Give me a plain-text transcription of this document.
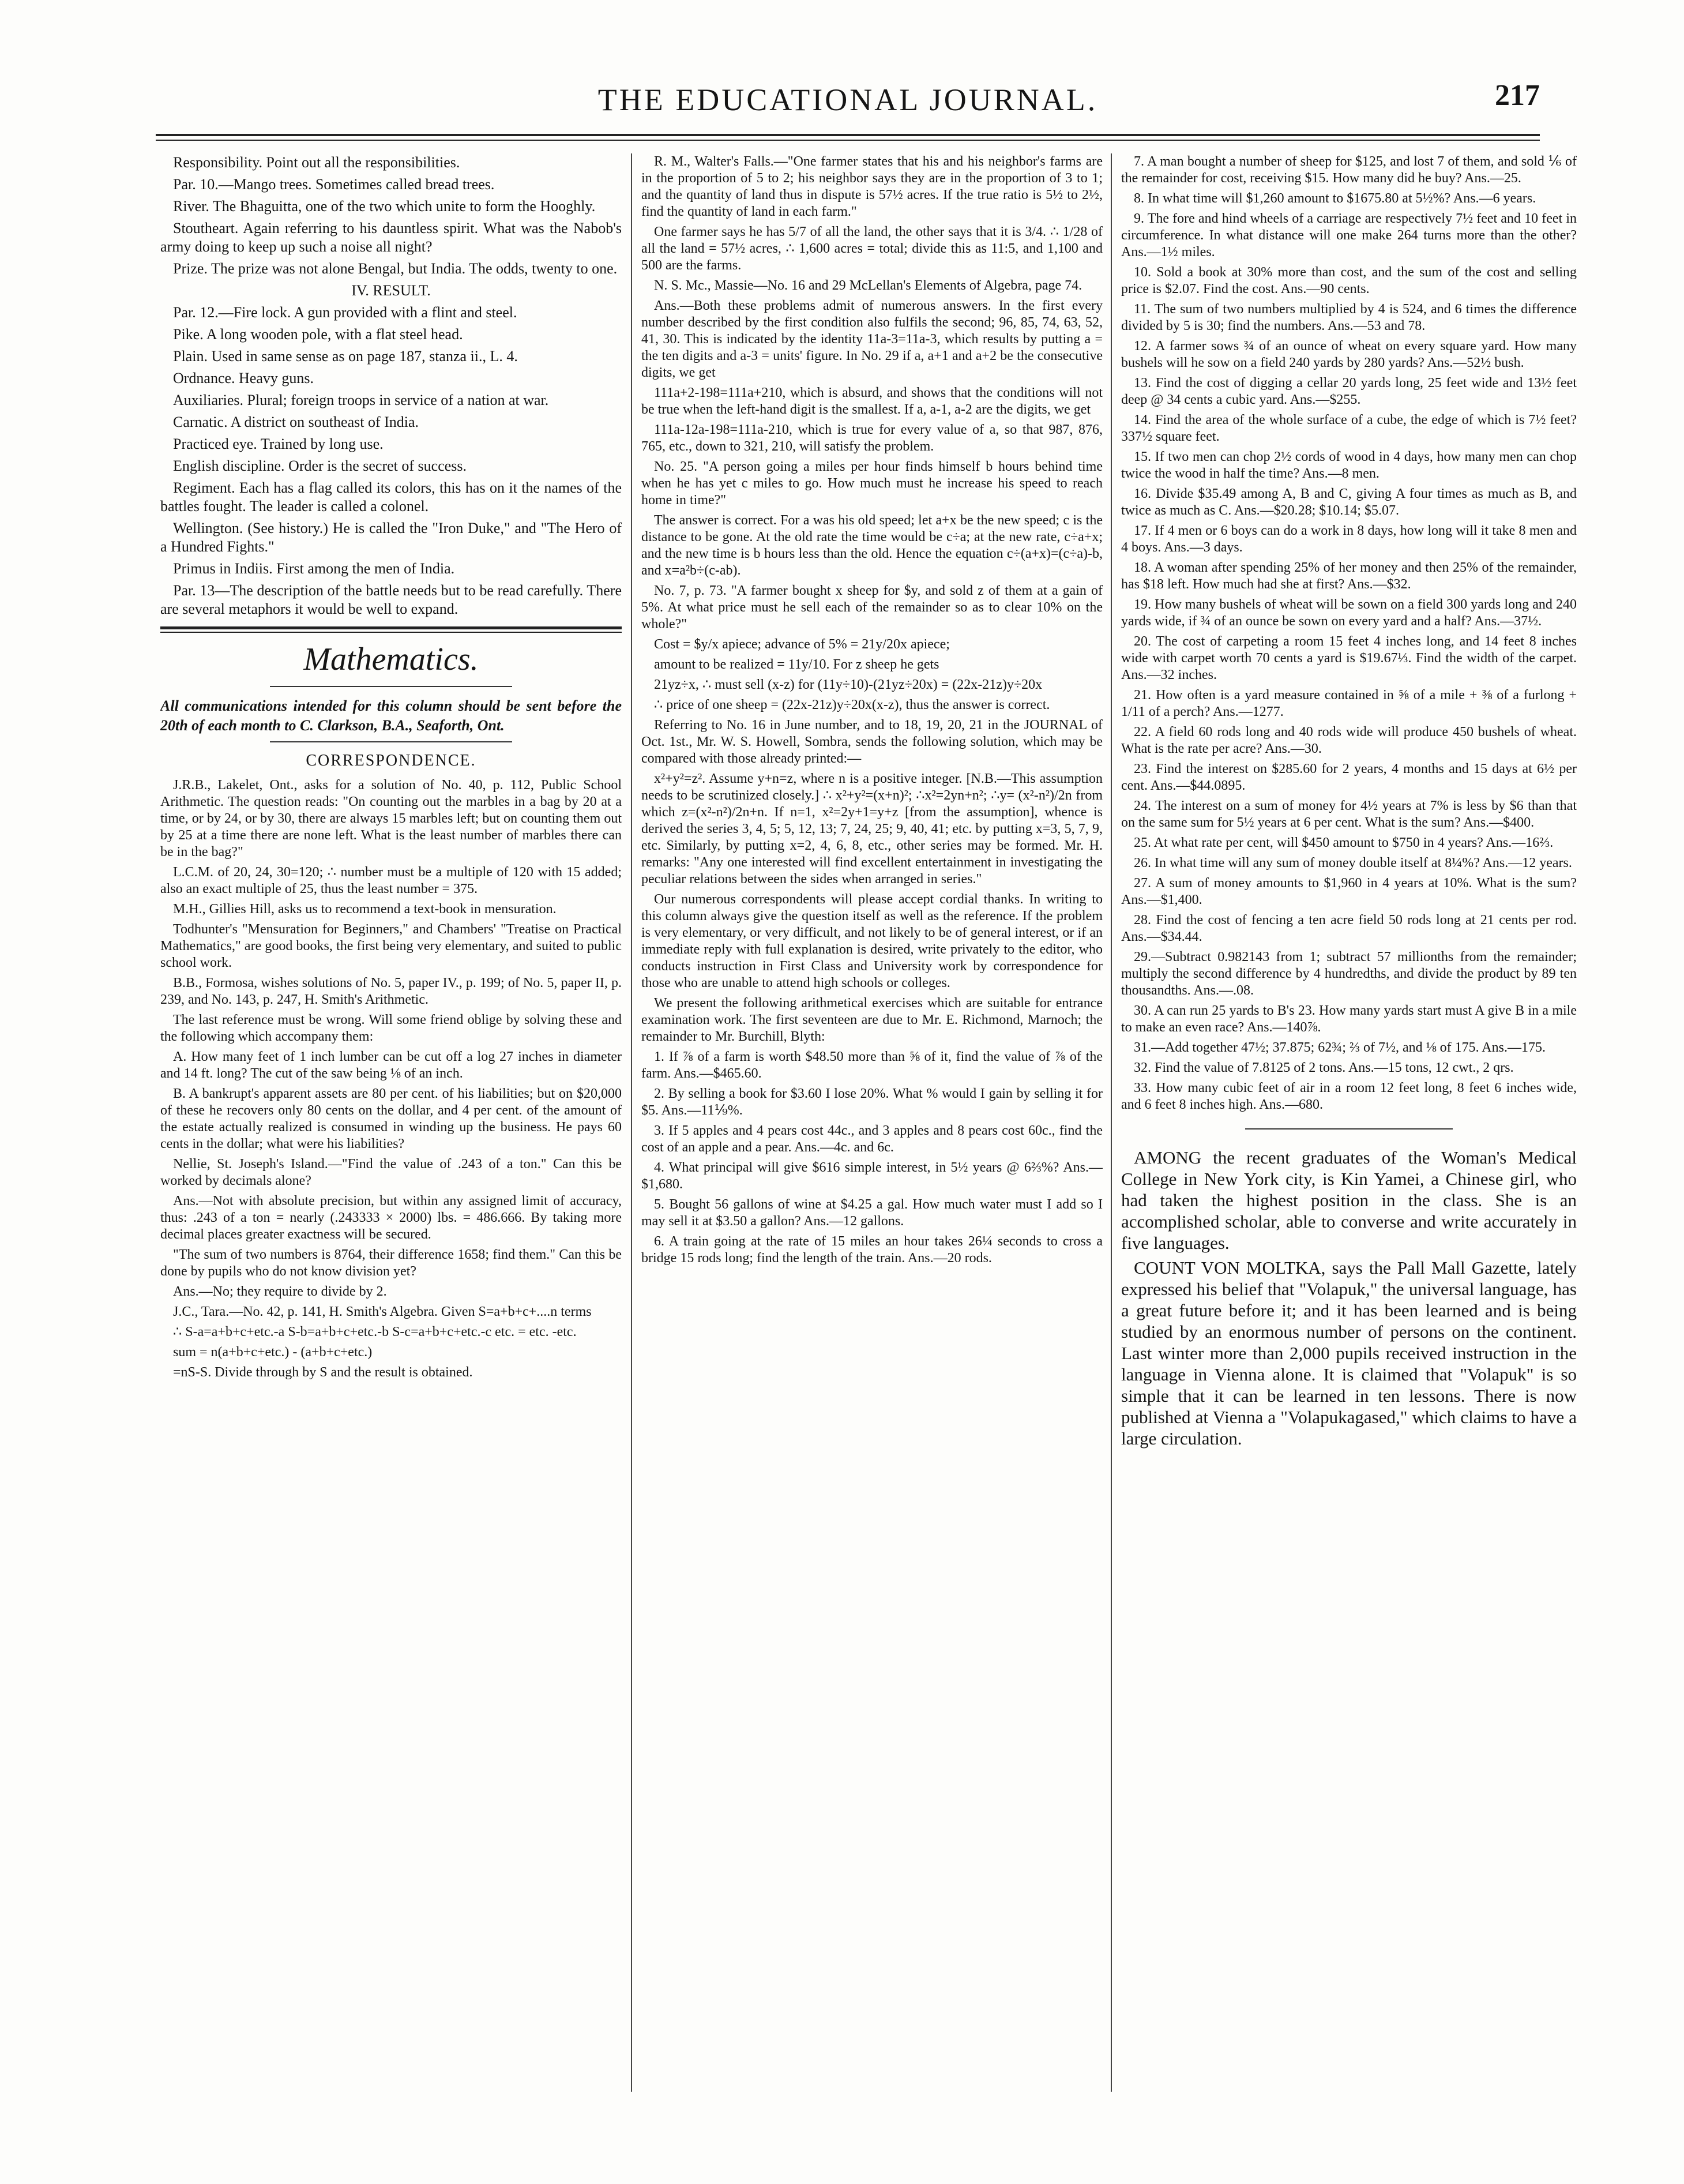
THE EDUCATIONAL JOURNAL.	217

Responsibility. Point out all the responsibilities.

Par. 10.—Mango trees. Sometimes called bread trees.

River. The Bhaguitta, one of the two which unite to form the Hooghly.

Stoutheart. Again referring to his dauntless spirit. What was the Nabob's army doing to keep up such a noise all night?

Prize. The prize was not alone Bengal, but India. The odds, twenty to one.

IV. RESULT.

Par. 12.—Fire lock. A gun provided with a flint and steel.

Pike. A long wooden pole, with a flat steel head.

Plain. Used in same sense as on page 187, stanza ii., L. 4.

Ordnance. Heavy guns.

Auxiliaries. Plural; foreign troops in service of a nation at war.

Carnatic. A district on southeast of India.

Practiced eye. Trained by long use.

English discipline. Order is the secret of success.

Regiment. Each has a flag called its colors, this has on it the names of the battles fought. The leader is called a colonel.

Wellington. (See history.) He is called the "Iron Duke," and "The Hero of a Hundred Fights."

Primus in Indiis. First among the men of India.

Par. 13—The description of the battle needs but to be read carefully. There are several metaphors it would be well to expand.

Mathematics.
All communications intended for this column should be sent before the 20th of each month to C. Clarkson, B.A., Seaforth, Ont.
CORRESPONDENCE.

J.R.B., Lakelet, Ont., asks for a solution of No. 40, p. 112, Public School Arithmetic. The question reads: "On counting out the marbles in a bag by 20 at a time, or by 24, or by 30, there are always 15 marbles left; but on counting them out by 25 at a time there are none left. What is the least number of marbles there can be in the bag?"

L.C.M. of 20, 24, 30=120; ∴ number must be a multiple of 120 with 15 added; also an exact multiple of 25, thus the least number = 375.

M.H., Gillies Hill, asks us to recommend a text-book in mensuration.

Todhunter's "Mensuration for Beginners," and Chambers' "Treatise on Practical Mathematics," are good books, the first being very elementary, and suited to public school work.

B.B., Formosa, wishes solutions of No. 5, paper IV., p. 199; of No. 5, paper II, p. 239, and No. 143, p. 247, H. Smith's Arithmetic.

The last reference must be wrong. Will some friend oblige by solving these and the following which accompany them:

A. How many feet of 1 inch lumber can be cut off a log 27 inches in diameter and 14 ft. long? The cut of the saw being ⅛ of an inch.

B. A bankrupt's apparent assets are 80 per cent. of his liabilities; but on $20,000 of these he recovers only 80 cents on the dollar, and 4 per cent. of the amount of the estate actually realized is consumed in winding up the business. He pays 60 cents in the dollar; what were his liabilities?

Nellie, St. Joseph's Island.—"Find the value of .243 of a ton." Can this be worked by decimals alone?

Ans.—Not with absolute precision, but within any assigned limit of accuracy, thus: .243 of a ton = nearly (.243333 × 2000) lbs. = 486.666. By taking more decimal places greater exactness will be secured.

"The sum of two numbers is 8764, their difference 1658; find them." Can this be done by pupils who do not know division yet?

Ans.—No; they require to divide by 2.

J.C., Tara.—No. 42, p. 141, H. Smith's Algebra. Given S=a+b+c+....n terms

∴ S-a=a+b+c+etc.-a S-b=a+b+c+etc.-b S-c=a+b+c+etc.-c etc. = etc. -etc.

sum = n(a+b+c+etc.) - (a+b+c+etc.)

=nS-S. Divide through by S and the result is obtained.

R. M., Walter's Falls.—"One farmer states that his and his neighbor's farms are in the proportion of 5 to 2; his neighbor says they are in the proportion of 3 to 1; and the quantity of land thus in dispute is 57½ acres. If the true ratio is 5½ to 2½, find the quantity of land in each farm."

One farmer says he has 5/7 of all the land, the other says that it is 3/4. ∴ 1/28 of all the land = 57½ acres, ∴ 1,600 acres = total; divide this as 11:5, and 1,100 and 500 are the farms.

N. S. Mc., Massie—No. 16 and 29 McLellan's Elements of Algebra, page 74.

Ans.—Both these problems admit of numerous answers. In the first every number described by the first condition also fulfils the second; 96, 85, 74, 63, 52, 41, 30. This is indicated by the identity 11a-3=11a-3, which results by putting a = the ten digits and a-3 = units' figure. In No. 29 if a, a+1 and a+2 be the consecutive digits, we get

111a+2-198=111a+210, which is absurd, and shows that the conditions will not be true when the left-hand digit is the smallest. If a, a-1, a-2 are the digits, we get

111a-12a-198=111a-210, which is true for every value of a, so that 987, 876, 765, etc., down to 321, 210, will satisfy the problem.

No. 25. "A person going a miles per hour finds himself b hours behind time when he has yet c miles to go. How much must he increase his speed to reach home in time?"

The answer is correct. For a was his old speed; let a+x be the new speed; c is the distance to be gone. At the old rate the time would be c÷a; at the new rate, c÷a+x; and the new time is b hours less than the old. Hence the equation c÷(a+x)=(c÷a)-b, and x=a²b÷(c-ab).

No. 7, p. 73. "A farmer bought x sheep for $y, and sold z of them at a gain of 5%. At what price must he sell each of the remainder so as to clear 10% on the whole?"

Cost = $y/x apiece; advance of 5% = 21y/20x apiece;

amount to be realized = 11y/10. For z sheep he gets

21yz÷x, ∴ must sell (x-z) for (11y÷10)-(21yz÷20x) = (22x-21z)y÷20x

∴ price of one sheep = (22x-21z)y÷20x(x-z), thus the answer is correct.

Referring to No. 16 in June number, and to 18, 19, 20, 21 in the JOURNAL of Oct. 1st., Mr. W. S. Howell, Sombra, sends the following solution, which may be compared with those already printed:—

x²+y²=z². Assume y+n=z, where n is a positive integer. [N.B.—This assumption needs to be scrutinized closely.] ∴ x²+y²=(x+n)²; ∴x²=2yn+n²; ∴y= (x²-n²)/2n from which z=(x²-n²)/2n+n. If n=1, x²=2y+1=y+z [from the assumption], whence is derived the series 3, 4, 5; 5, 12, 13; 7, 24, 25; 9, 40, 41; etc. by putting x=3, 5, 7, 9, etc. Similarly, by putting x=2, 4, 6, 8, etc., other series may be formed. Mr. H. remarks: "Any one interested will find excellent entertainment in investigating the peculiar relations between the sides when arranged in series."

Our numerous correspondents will please accept cordial thanks. In writing to this column always give the question itself as well as the reference. If the problem is very elementary, or very difficult, and not likely to be of general interest, or if an immediate reply with full explanation is desired, write privately to the editor, who conducts instruction in First Class and University work by correspondence for those who are unable to attend high schools or colleges.

We present the following arithmetical exercises which are suitable for entrance examination work. The first seventeen are due to Mr. E. Richmond, Marnoch; the remainder to Mr. Burchill, Blyth:

1. If ⅞ of a farm is worth $48.50 more than ⅝ of it, find the value of ⅞ of the farm. Ans.—$465.60.

2. By selling a book for $3.60 I lose 20%. What % would I gain by selling it for $5. Ans.—11⅑%.

3. If 5 apples and 4 pears cost 44c., and 3 apples and 8 pears cost 60c., find the cost of an apple and a pear. Ans.—4c. and 6c.

4. What principal will give $616 simple interest, in 5½ years @ 6⅔%? Ans.—$1,680.

5. Bought 56 gallons of wine at $4.25 a gal. How much water must I add so I may sell it at $3.50 a gallon? Ans.—12 gallons.

6. A train going at the rate of 15 miles an hour takes 26¼ seconds to cross a bridge 15 rods long; find the length of the train. Ans.—20 rods.

7. A man bought a number of sheep for $125, and lost 7 of them, and sold ⅙ of the remainder for cost, receiving $15. How many did he buy? Ans.—25.

8. In what time will $1,260 amount to $1675.80 at 5½%? Ans.—6 years.

9. The fore and hind wheels of a carriage are respectively 7½ feet and 10 feet in circumference. In what distance will one make 264 turns more than the other? Ans.—1½ miles.

10. Sold a book at 30% more than cost, and the sum of the cost and selling price is $2.07. Find the cost. Ans.—90 cents.

11. The sum of two numbers multiplied by 4 is 524, and 6 times the difference divided by 5 is 30; find the numbers. Ans.—53 and 78.

12. A farmer sows ¾ of an ounce of wheat on every square yard. How many bushels will he sow on a field 240 yards by 280 yards? Ans.—52½ bush.

13. Find the cost of digging a cellar 20 yards long, 25 feet wide and 13½ feet deep @ 34 cents a cubic yard. Ans.—$255.

14. Find the area of the whole surface of a cube, the edge of which is 7½ feet? 337½ square feet.

15. If two men can chop 2½ cords of wood in 4 days, how many men can chop twice the wood in half the time? Ans.—8 men.

16. Divide $35.49 among A, B and C, giving A four times as much as B, and twice as much as C. Ans.—$20.28; $10.14; $5.07.

17. If 4 men or 6 boys can do a work in 8 days, how long will it take 8 men and 4 boys. Ans.—3 days.

18. A woman after spending 25% of her money and then 25% of the remainder, has $18 left. How much had she at first? Ans.—$32.

19. How many bushels of wheat will be sown on a field 300 yards long and 240 yards wide, if ¾ of an ounce be sown on every yard and a half? Ans.—37½.

20. The cost of carpeting a room 15 feet 4 inches long, and 14 feet 8 inches wide with carpet worth 70 cents a yard is $19.67⅓. Find the width of the carpet. Ans.—32 inches.

21. How often is a yard measure contained in ⅝ of a mile + ⅜ of a furlong + 1/11 of a perch? Ans.—1277.

22. A field 60 rods long and 40 rods wide will produce 450 bushels of wheat. What is the rate per acre? Ans.—30.

23. Find the interest on $285.60 for 2 years, 4 months and 15 days at 6½ per cent. Ans.—$44.0895.

24. The interest on a sum of money for 4½ years at 7% is less by $6 than that on the same sum for 5½ years at 6 per cent. What is the sum? Ans.—$400.

25. At what rate per cent, will $450 amount to $750 in 4 years? Ans.—16⅔.

26. In what time will any sum of money double itself at 8¼%? Ans.—12 years.

27. A sum of money amounts to $1,960 in 4 years at 10%. What is the sum? Ans.—$1,400.

28. Find the cost of fencing a ten acre field 50 rods long at 21 cents per rod. Ans.—$34.44.

29.—Subtract 0.982143 from 1; subtract 57 millionths from the remainder; multiply the second difference by 4 hundredths, and divide the product by 89 ten thousandths. Ans.—.08.

30. A can run 25 yards to B's 23. How many yards start must A give B in a mile to make an even race? Ans.—140⅞.

31.—Add together 47½; 37.875; 62¾; ⅔ of 7½, and ⅛ of 175. Ans.—175.

32. Find the value of 7.8125 of 2 tons. Ans.—15 tons, 12 cwt., 2 qrs.

33. How many cubic feet of air in a room 12 feet long, 8 feet 6 inches wide, and 6 feet 8 inches high. Ans.—680.

AMONG the recent graduates of the Woman's Medical College in New York city, is Kin Yamei, a Chinese girl, who had taken the highest position in the class. She is an accomplished scholar, able to converse and write accurately in five languages.

COUNT VON MOLTKA, says the Pall Mall Gazette, lately expressed his belief that "Volapuk," the universal language, has a great future before it; and it has been learned and is being studied by an enormous number of persons on the continent. Last winter more than 2,000 pupils received instruction in the language in Vienna alone. It is claimed that "Volapuk" is so simple that it can be learned in ten lessons. There is now published at Vienna a "Volapukagased," which claims to have a large circulation.
